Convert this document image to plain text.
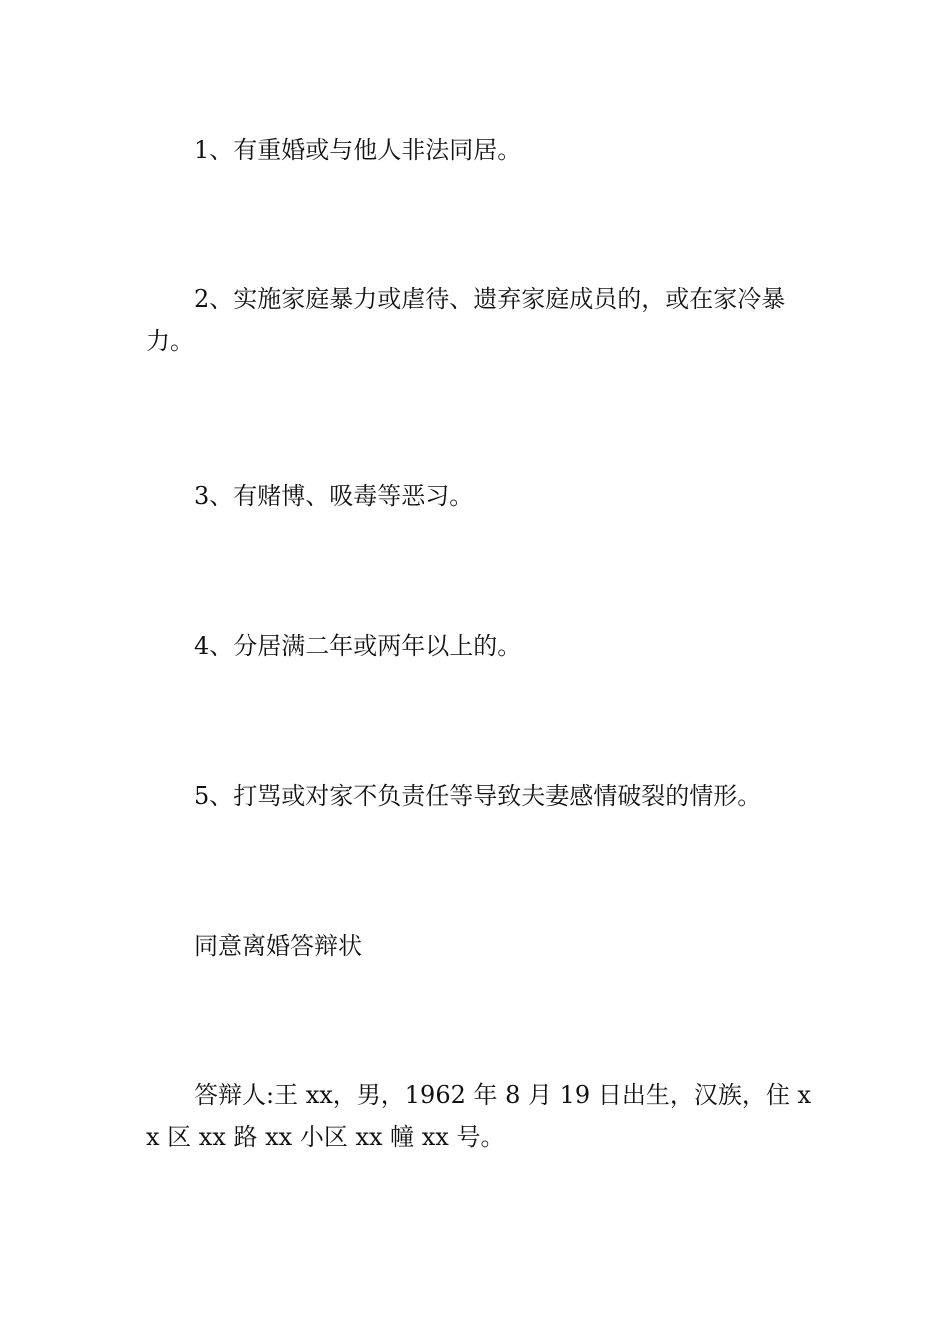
1、有重婚或与他人非法同居。

2、实施家庭暴力或虐待、遗弃家庭成员的，或在家冷暴力。

3、有赌博、吸毒等恶习。

4、分居满二年或两年以上的。

5、打骂或对家不负责任等导致夫妻感情破裂的情形。

同意离婚答辩状

答辩人:王 xx，男，1962 年 8 月 19 日出生，汉族，住 xx 区 xx 路 xx 小区 xx 幢 xx 号。
